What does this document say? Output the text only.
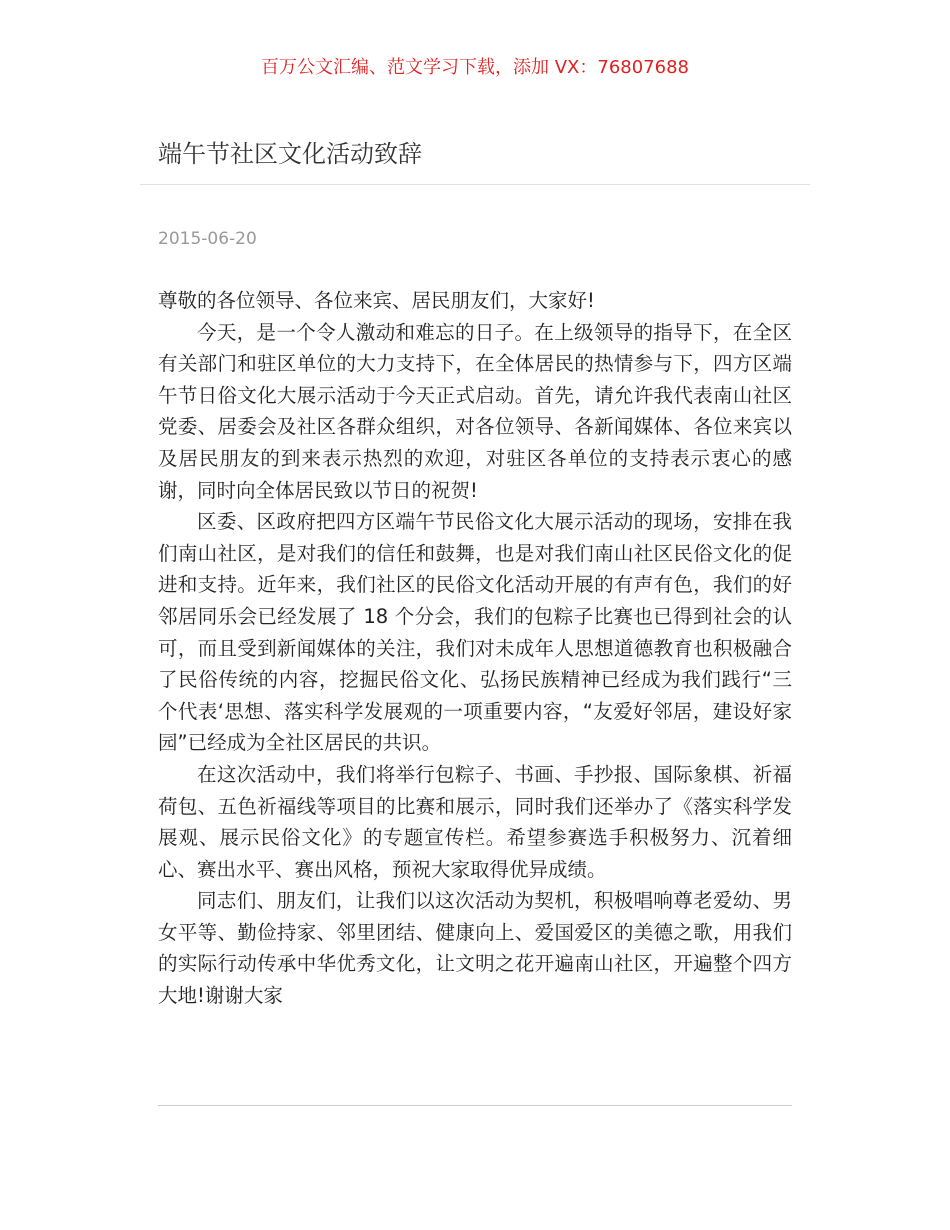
百万公文汇编、范文学习下载，添加 VX：76807688
端午节社区文化活动致辞
2015-06-20

尊敬的各位领导、各位来宾、居民朋友们，大家好!

今天，是一个令人激动和难忘的日子。在上级领导的指导下，在全区有关部门和驻区单位的大力支持下，在全体居民的热情参与下，四方区端午节日俗文化大展示活动于今天正式启动。首先，请允许我代表南山社区党委、居委会及社区各群众组织，对各位领导、各新闻媒体、各位来宾以及居民朋友的到来表示热烈的欢迎，对驻区各单位的支持表示衷心的感谢，同时向全体居民致以节日的祝贺!

区委、区政府把四方区端午节民俗文化大展示活动的现场，安排在我们南山社区，是对我们的信任和鼓舞，也是对我们南山社区民俗文化的促进和支持。近年来，我们社区的民俗文化活动开展的有声有色，我们的好邻居同乐会已经发展了 18 个分会，我们的包粽子比赛也已得到社会的认可，而且受到新闻媒体的关注，我们对未成年人思想道德教育也积极融合了民俗传统的内容，挖掘民俗文化、弘扬民族精神已经成为我们践行“三个代表‘思想、落实科学发展观的一项重要内容，“友爱好邻居，建设好家园”已经成为全社区居民的共识。

在这次活动中，我们将举行包粽子、书画、手抄报、国际象棋、祈福荷包、五色祈福线等项目的比赛和展示，同时我们还举办了《落实科学发展观、展示民俗文化》的专题宣传栏。希望参赛选手积极努力、沉着细心、赛出水平、赛出风格，预祝大家取得优异成绩。

同志们、朋友们，让我们以这次活动为契机，积极唱响尊老爱幼、男女平等、勤俭持家、邻里团结、健康向上、爱国爱区的美德之歌，用我们的实际行动传承中华优秀文化，让文明之花开遍南山社区，开遍整个四方大地!谢谢大家
